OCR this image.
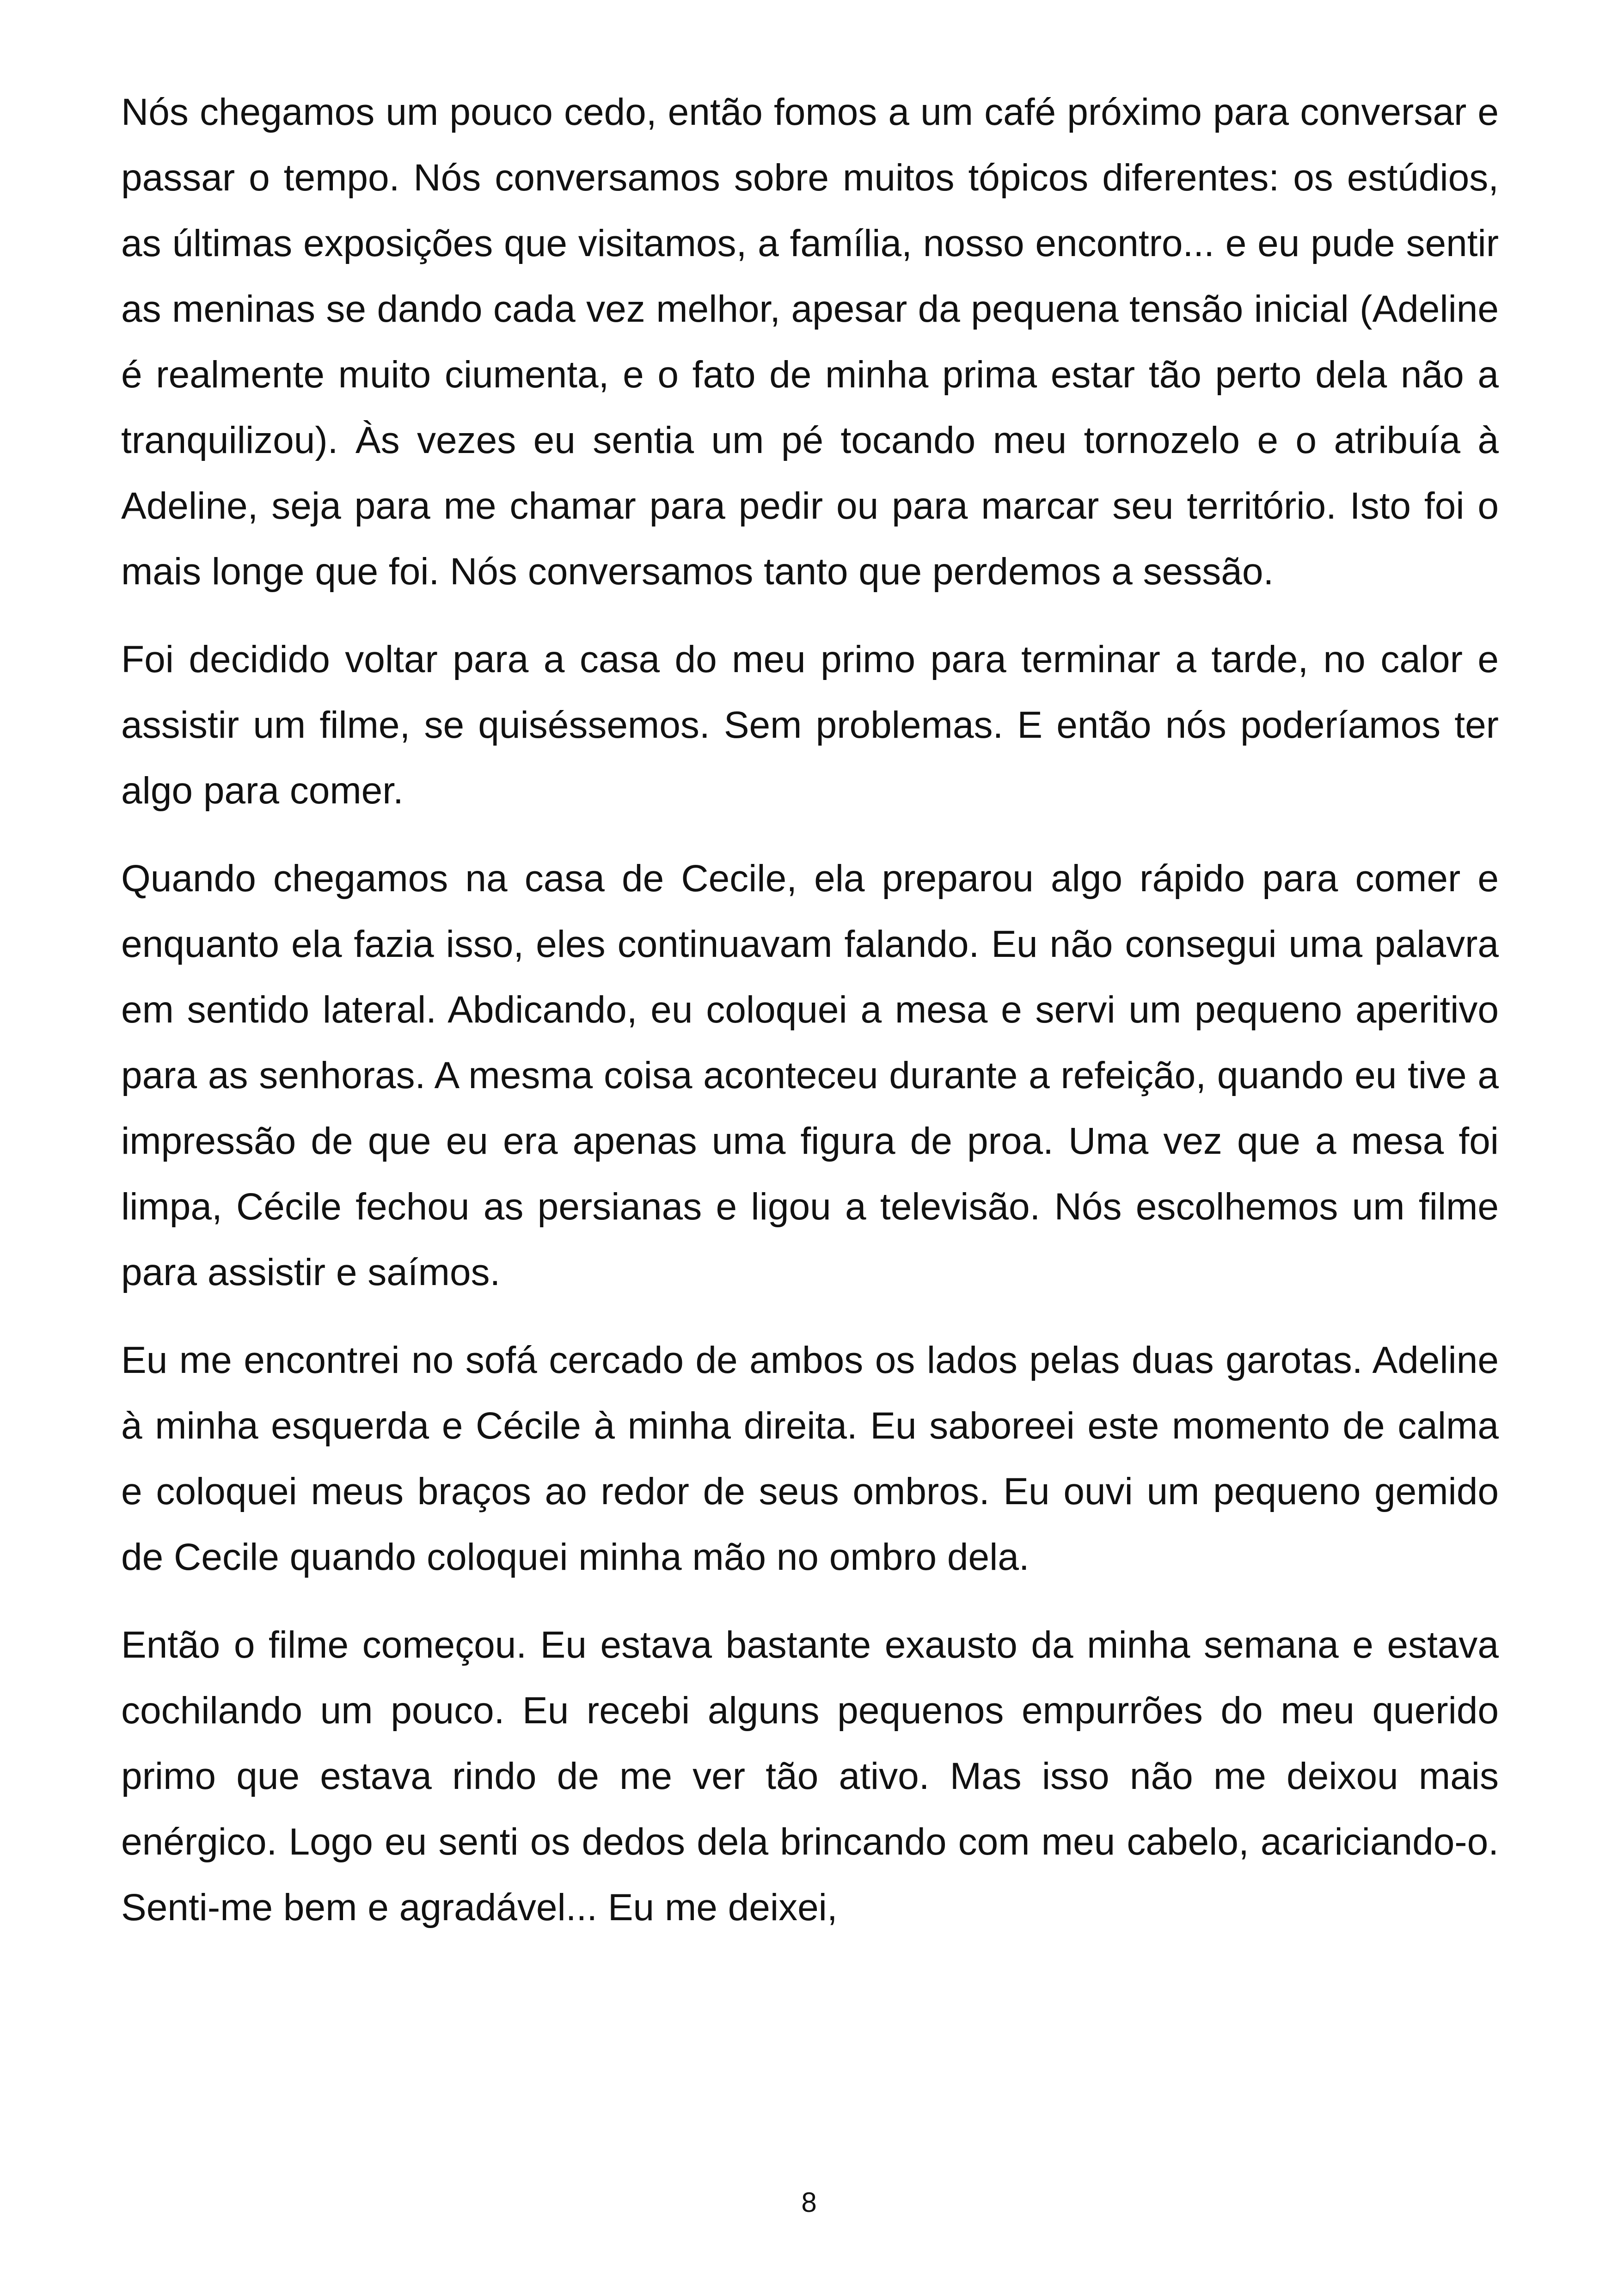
Nós chegamos um pouco cedo, então fomos a um café próximo para conversar e passar o tempo. Nós conversamos sobre muitos tópicos diferentes: os estúdios, as últimas exposições que visitamos, a família, nosso encontro... e eu pude sentir as meninas se dando cada vez melhor, apesar da pequena tensão inicial (Adeline é realmente muito ciumenta, e o fato de minha prima estar tão perto dela não a tranquilizou). Às vezes eu sentia um pé tocando meu tornozelo e o atribuía à Adeline, seja para me chamar para pedir ou para marcar seu território. Isto foi o mais longe que foi. Nós conversamos tanto que perdemos a sessão.

Foi decidido voltar para a casa do meu primo para terminar a tarde, no calor e assistir um filme, se quiséssemos. Sem problemas. E então nós poderíamos ter algo para comer.

Quando chegamos na casa de Cecile, ela preparou algo rápido para comer e enquanto ela fazia isso, eles continuavam falando. Eu não consegui uma palavra em sentido lateral. Abdicando, eu coloquei a mesa e servi um pequeno aperitivo para as senhoras. A mesma coisa aconteceu durante a refeição, quando eu tive a impressão de que eu era apenas uma figura de proa. Uma vez que a mesa foi limpa, Cécile fechou as persianas e ligou a televisão. Nós escolhemos um filme para assistir e saímos.

Eu me encontrei no sofá cercado de ambos os lados pelas duas garotas. Adeline à minha esquerda e Cécile à minha direita. Eu saboreei este momento de calma e coloquei meus braços ao redor de seus ombros. Eu ouvi um pequeno gemido de Cecile quando coloquei minha mão no ombro dela.

Então o filme começou. Eu estava bastante exausto da minha semana e estava cochilando um pouco. Eu recebi alguns pequenos empurrões do meu querido primo que estava rindo de me ver tão ativo. Mas isso não me deixou mais enérgico. Logo eu senti os dedos dela brincando com meu cabelo, acariciando-o. Senti-me bem e agradável... Eu me deixei,

8
